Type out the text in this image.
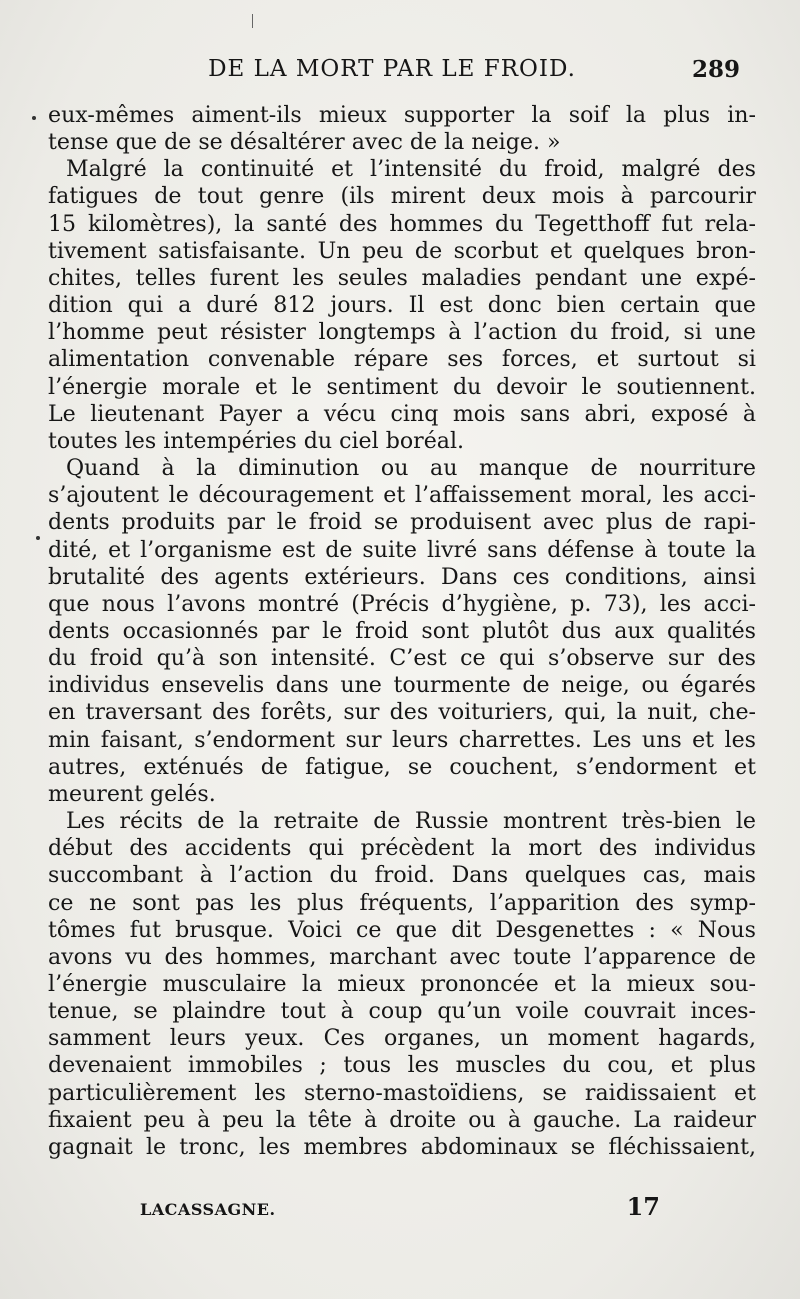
DE LA MORT PAR LE FROID.	289
eux-mêmes aiment-ils mieux supporter la soif la plus in-
tense que de se désaltérer avec de la neige. »
Malgré la continuité et l’intensité du froid, malgré des
fatigues de tout genre (ils mirent deux mois à parcourir
15 kilomètres), la santé des hommes du Tegetthoff fut rela-
tivement satisfaisante. Un peu de scorbut et quelques bron-
chites, telles furent les seules maladies pendant une expé-
dition qui a duré 812 jours. Il est donc bien certain que
l’homme peut résister longtemps à l’action du froid, si une
alimentation convenable répare ses forces, et surtout si
l’énergie morale et le sentiment du devoir le soutiennent.
Le lieutenant Payer a vécu cinq mois sans abri, exposé à
toutes les intempéries du ciel boréal.
Quand à la diminution ou au manque de nourriture
s’ajoutent le découragement et l’affaissement moral, les acci-
dents produits par le froid se produisent avec plus de rapi-
dité, et l’organisme est de suite livré sans défense à toute la
brutalité des agents extérieurs. Dans ces conditions, ainsi
que nous l’avons montré (Précis d’hygiène, p. 73), les acci-
dents occasionnés par le froid sont plutôt dus aux qualités
du froid qu’à son intensité. C’est ce qui s’observe sur des
individus ensevelis dans une tourmente de neige, ou égarés
en traversant des forêts, sur des voituriers, qui, la nuit, che-
min faisant, s’endorment sur leurs charrettes. Les uns et les
autres, exténués de fatigue, se couchent, s’endorment et
meurent gelés.
Les récits de la retraite de Russie montrent très-bien le
début des accidents qui précèdent la mort des individus
succombant à l’action du froid. Dans quelques cas, mais
ce ne sont pas les plus fréquents, l’apparition des symp-
tômes fut brusque. Voici ce que dit Desgenettes : « Nous
avons vu des hommes, marchant avec toute l’apparence de
l’énergie musculaire la mieux prononcée et la mieux sou-
tenue, se plaindre tout à coup qu’un voile couvrait inces-
samment leurs yeux. Ces organes, un moment hagards,
devenaient immobiles ; tous les muscles du cou, et plus
particulièrement les sterno-mastoïdiens, se raidissaient et
fixaient peu à peu la tête à droite ou à gauche. La raideur
gagnait le tronc, les membres abdominaux se fléchissaient,
LACASSAGNE.	17
